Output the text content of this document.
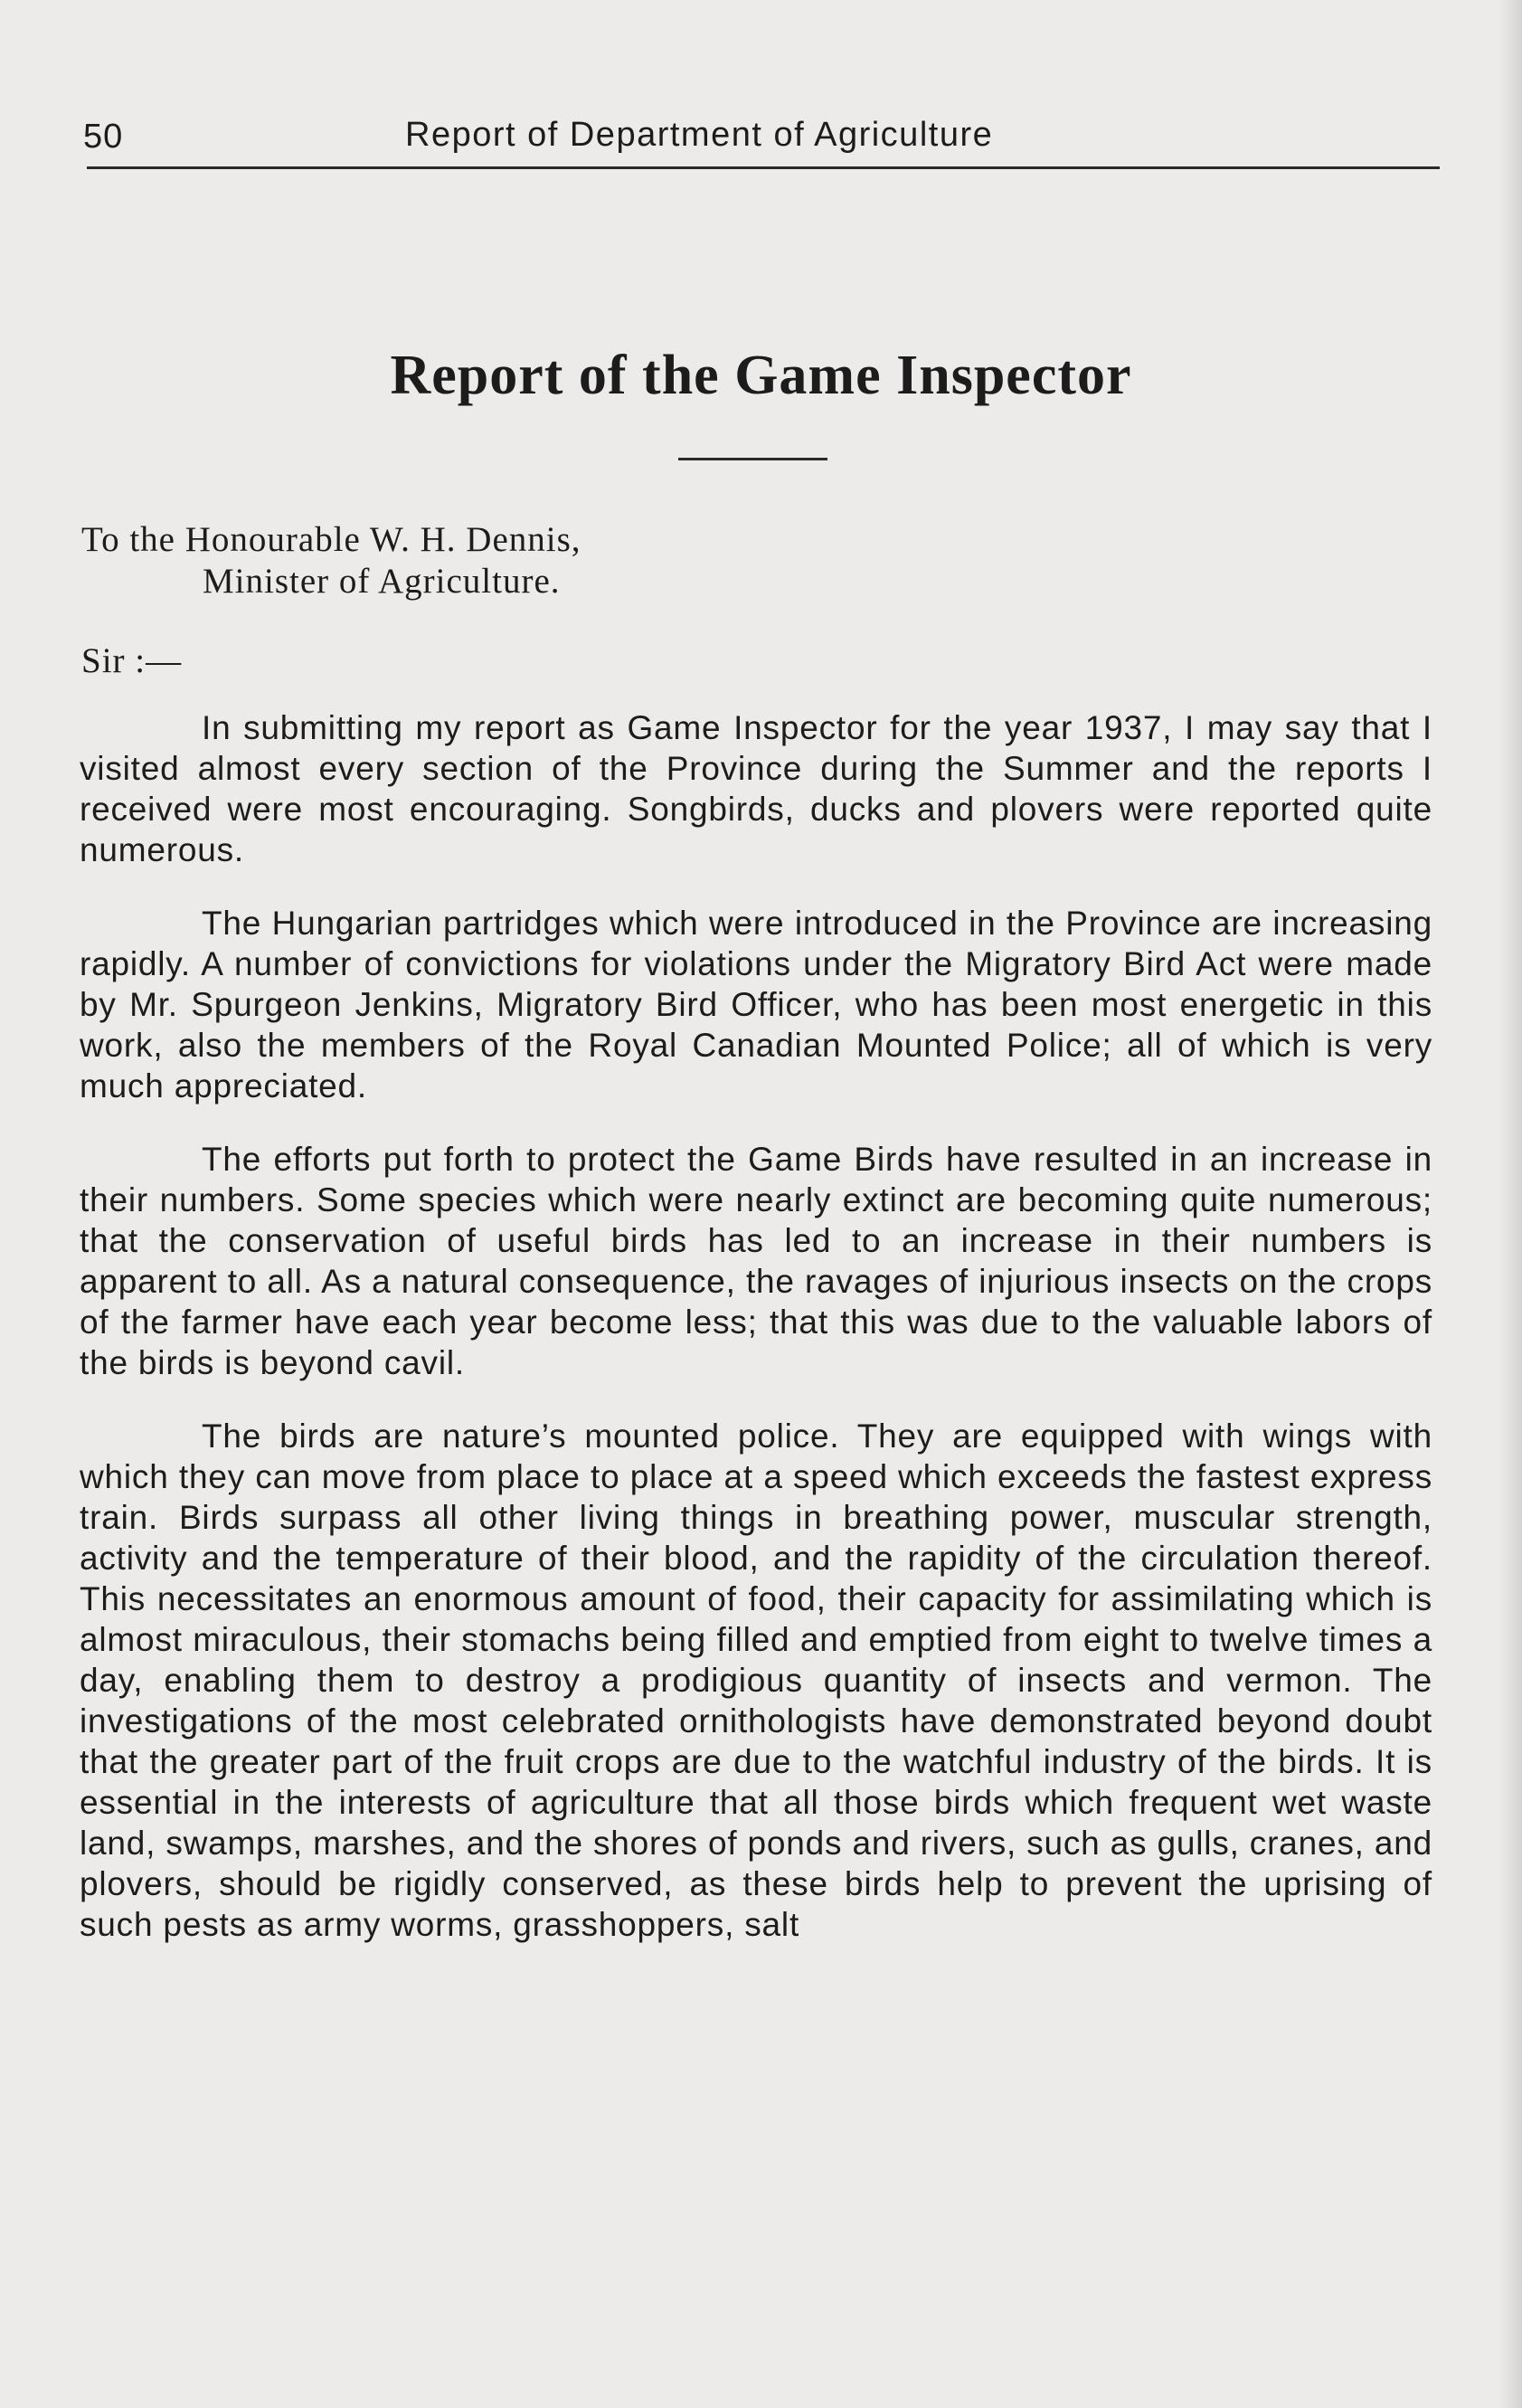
50	Report of Department of Agriculture
Report of the Game Inspector
To the Honourable W. H. Dennis,
Minister of Agriculture.
Sir :—

In submitting my report as Game Inspector for the year 1937, I may say that I visited almost every section of the Province during the Summer and the reports I received were most encouraging. Songbirds, ducks and plovers were reported quite numerous.

The Hungarian partridges which were introduced in the Province are increasing rapidly. A number of convictions for violations under the Migratory Bird Act were made by Mr. Spurgeon Jenkins, Migratory Bird Officer, who has been most energetic in this work, also the members of the Royal Canadian Mounted Police; all of which is very much appreciated.

The efforts put forth to protect the Game Birds have resulted in an increase in their numbers. Some species which were nearly extinct are becoming quite numerous; that the conservation of useful birds has led to an increase in their numbers is apparent to all. As a natural consequence, the ravages of injurious insects on the crops of the farmer have each year become less; that this was due to the valuable labors of the birds is beyond cavil.

The birds are nature’s mounted police. They are equipped with wings with which they can move from place to place at a speed which exceeds the fastest express train. Birds surpass all other living things in breathing power, muscular strength, activity and the temperature of their blood, and the rapidity of the circulation thereof. This necessitates an enormous amount of food, their capacity for assimilating which is almost miraculous, their stomachs being filled and emptied from eight to twelve times a day, enabling them to destroy a prodigious quantity of insects and vermon. The investigations of the most celebrated ornithologists have demonstrated beyond doubt that the greater part of the fruit crops are due to the watchful industry of the birds. It is essential in the interests of agriculture that all those birds which frequent wet waste land, swamps, marshes, and the shores of ponds and rivers, such as gulls, cranes, and plovers, should be rigidly conserved, as these birds help to prevent the uprising of such pests as army worms, grasshoppers, salt
